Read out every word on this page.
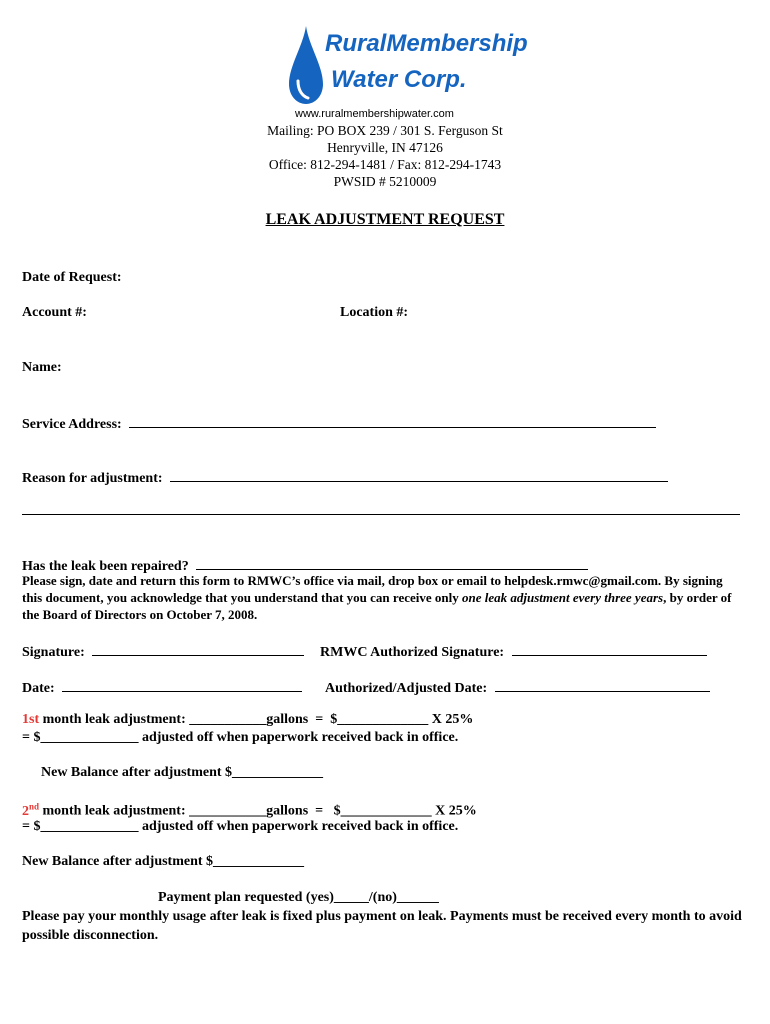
RuralMembership
Water Corp.
www.ruralmembershipwater.com
Mailing: PO BOX 239 / 301 S. Ferguson St
Henryville, IN 47126
Office: 812-294-1481 / Fax: 812-294-1743
PWSID # 5210009
LEAK ADJUSTMENT REQUEST
Date of Request:
Account #:	Location #:
Name:
Service Address:
Reason for adjustment:
Has the leak been repaired?
Please sign, date and return this form to RMWC’s office via mail, drop box or email to helpdesk.rmwc@gmail.com. By signing this document, you acknowledge that you understand that you can receive only one leak adjustment every three years, by order of the Board of Directors on October 7, 2008.
Signature:	RMWC Authorized Signature:
Date:	Authorized/Adjusted Date:
1st month leak adjustment: ___________gallons  =  $_____________ X 25%
= $______________ adjusted off when paperwork received back in office.
New Balance after adjustment $_____________
2nd month leak adjustment: ___________gallons  =   $_____________ X 25%
= $______________ adjusted off when paperwork received back in office.
New Balance after adjustment $_____________
Payment plan requested (yes)_____/(no)______
Please pay your monthly usage after leak is fixed plus payment on leak. Payments must be received every month to avoid possible disconnection.
